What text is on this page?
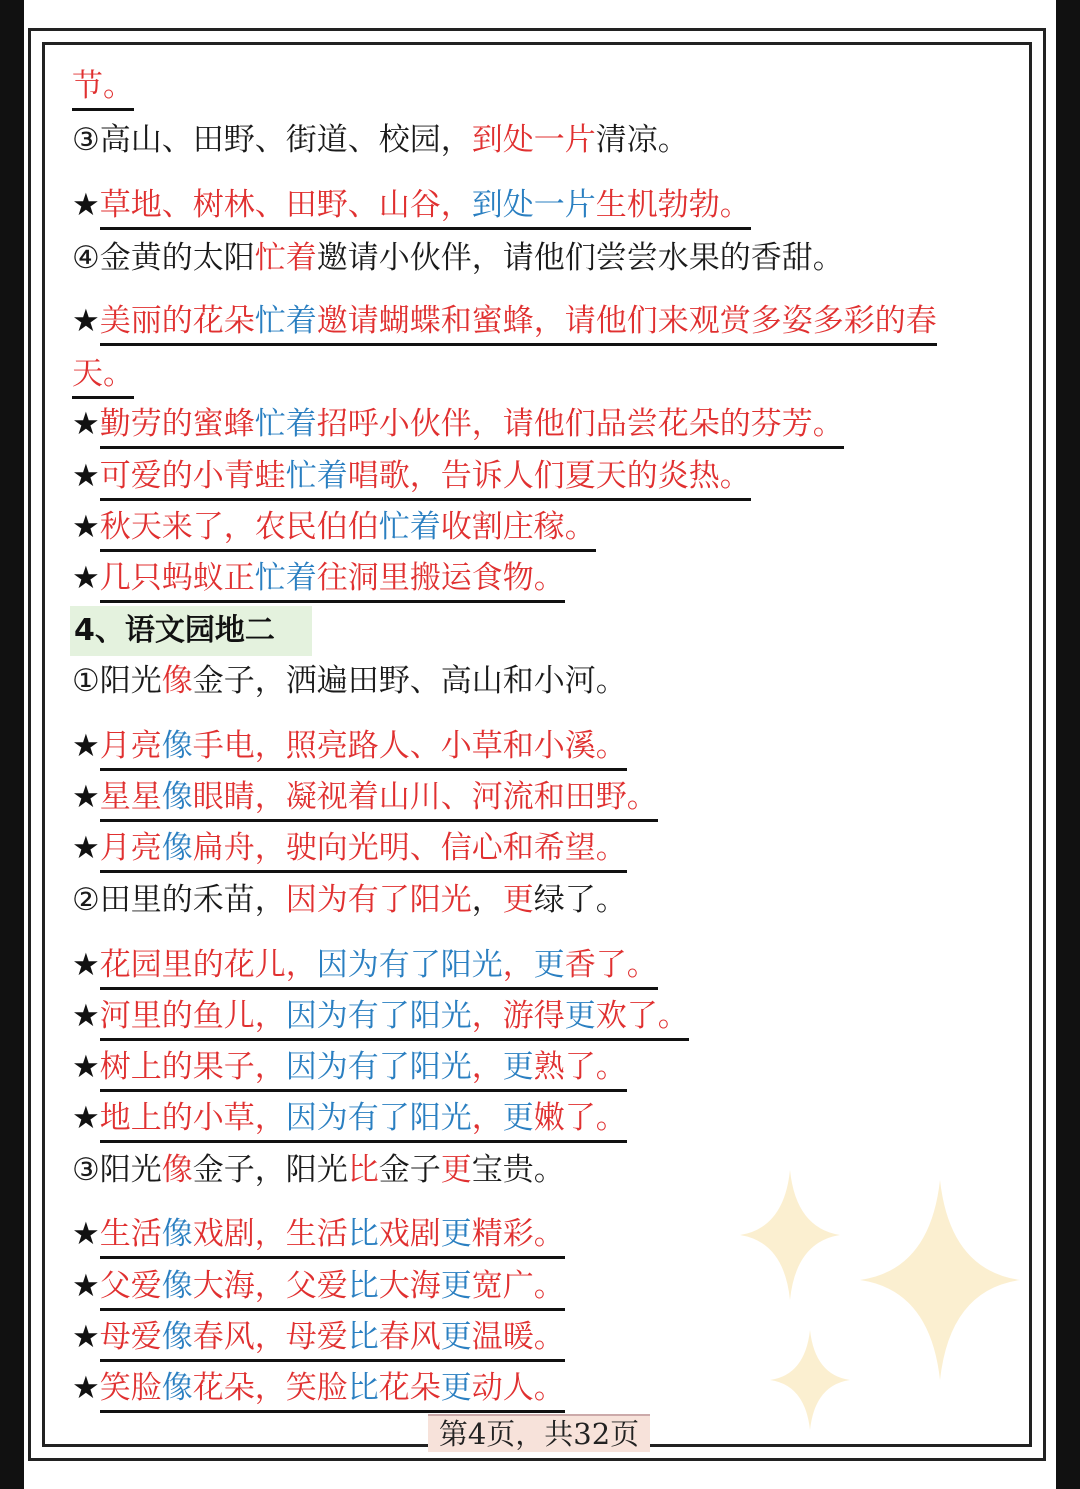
节。
③高山、田野、街道、校园，到处一片清凉。
★草地、树林、田野、山谷，到处一片生机勃勃。
④金黄的太阳忙着邀请小伙伴，请他们尝尝水果的香甜。
★美丽的花朵忙着邀请蝴蝶和蜜蜂，请他们来观赏多姿多彩的春
天。
★勤劳的蜜蜂忙着招呼小伙伴，请他们品尝花朵的芬芳。
★可爱的小青蛙忙着唱歌，告诉人们夏天的炎热。
★秋天来了，农民伯伯忙着收割庄稼。
★几只蚂蚁正忙着往洞里搬运食物。
①阳光像金子，洒遍田野、高山和小河。
★月亮像手电，照亮路人、小草和小溪。
★星星像眼睛，凝视着山川、河流和田野。
★月亮像扁舟，驶向光明、信心和希望。
②田里的禾苗，因为有了阳光，更绿了。
★花园里的花儿，因为有了阳光，更香了。
★河里的鱼儿，因为有了阳光，游得更欢了。
★树上的果子，因为有了阳光，更熟了。
★地上的小草，因为有了阳光，更嫩了。
③阳光像金子，阳光比金子更宝贵。
★生活像戏剧，生活比戏剧更精彩。
★父爱像大海，父爱比大海更宽广。
★母爱像春风，母爱比春风更温暖。
★笑脸像花朵，笑脸比花朵更动人。
4、语文园地二
第4页，共32页
